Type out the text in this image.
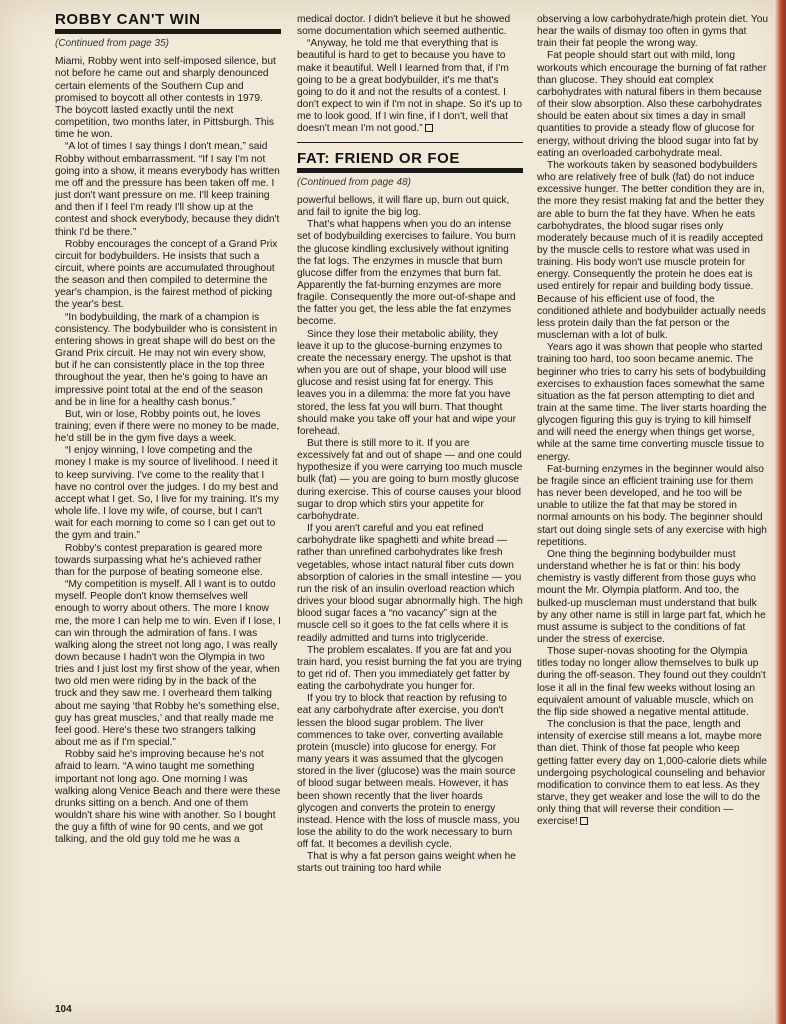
ROBBY CAN'T WIN
(Continued from page 35)

Miami, Robby went into self-imposed silence, but not before he came out and sharply denounced certain elements of the Southern Cup and promised to boycott all other contests in 1979. The boycott lasted exactly until the next competition, two months later, in Pittsburgh. This time he won.

“A lot of times I say things I don't mean,” said Robby without embarrassment. “If I say I'm not going into a show, it means everybody has written me off and the pressure has been taken off me. I just don't want pressure on me. I'll keep training and then if I feel I'm ready I'll show up at the contest and shock everybody, because they didn't think I'd be there.”

Robby encourages the concept of a Grand Prix circuit for bodybuilders. He insists that such a circuit, where points are accumulated throughout the season and then compiled to determine the year's champion, is the fairest method of picking the year's best.

“In bodybuilding, the mark of a champion is consistency. The bodybuilder who is consistent in entering shows in great shape will do best on the Grand Prix circuit. He may not win every show, but if he can consistently place in the top three throughout the year, then he's going to have an impressive point total at the end of the season and be in line for a healthy cash bonus.”

But, win or lose, Robby points out, he loves training; even if there were no money to be made, he'd still be in the gym five days a week.

“I enjoy winning, I love competing and the money I make is my source of livelihood. I need it to keep surviving. I've come to the reality that I have no control over the judges. I do my best and accept what I get. So, I live for my training. It's my whole life. I love my wife, of course, but I can't wait for each morning to come so I can get out to the gym and train.”

Robby's contest preparation is geared more towards surpassing what he's achieved rather than for the purpose of beating someone else.

“My competition is myself. All I want is to outdo myself. People don't know themselves well enough to worry about others. The more I know me, the more I can help me to win. Even if I lose, I can win through the admiration of fans. I was walking along the street not long ago, I was really down because I hadn't won the Olympia in two tries and I just lost my first show of the year, when two old men were riding by in the back of the truck and they saw me. I overheard them talking about me saying ‘that Robby he's something else, guy has great muscles,’ and that really made me feel good. Here's these two strangers talking about me as if I'm special.”

Robby said he's improving because he's not afraid to learn. “A wino taught me something important not long ago. One morning I was walking along Venice Beach and there were these drunks sitting on a bench. And one of them wouldn't share his wine with another. So I bought the guy a fifth of wine for 90 cents, and we got talking, and the old guy told me he was a

medical doctor. I didn't believe it but he showed some documentation which seemed authentic.

“Anyway, he told me that everything that is beautiful is hard to get to because you have to make it beautiful. Well I learned from that, if I'm going to be a great bodybuilder, it's me that's going to do it and not the results of a contest. I don't expect to win if I'm not in shape. So it's up to me to look good. If I win fine, if I don't, well that doesn't mean I'm not good.”

FAT: FRIEND OR FOE
(Continued from page 48)

powerful bellows, it will flare up, burn out quick, and fail to ignite the big log.

That's what happens when you do an intense set of bodybuilding exercises to failure. You burn the glucose kindling exclusively without igniting the fat logs. The enzymes in muscle that burn glucose differ from the enzymes that burn fat. Apparently the fat-burning enzymes are more fragile. Consequently the more out-of-shape and the fatter you get, the less able the fat enzymes become.

Since they lose their metabolic ability, they leave it up to the glucose-burning enzymes to create the necessary energy. The upshot is that when you are out of shape, your blood will use glucose and resist using fat for energy. This leaves you in a dilemma: the more fat you have stored, the less fat you will burn. That thought should make you take off your hat and wipe your forehead.

But there is still more to it. If you are excessively fat and out of shape — and one could hypothesize if you were carrying too much muscle bulk (fat) — you are going to burn mostly glucose during exercise. This of course causes your blood sugar to drop which stirs your appetite for carbohydrate.

If you aren't careful and you eat refined carbohydrate like spaghetti and white bread — rather than unrefined carbohydrates like fresh vegetables, whose intact natural fiber cuts down absorption of calories in the small intestine — you run the risk of an insulin overload reaction which drives your blood sugar abnormally high. The high blood sugar faces a “no vacancy” sign at the muscle cell so it goes to the fat cells where it is readily admitted and turns into triglyceride.

The problem escalates. If you are fat and you train hard, you resist burning the fat you are trying to get rid of. Then you immediately get fatter by eating the carbohydrate you hunger for.

If you try to block that reaction by refusing to eat any carbohydrate after exercise, you don't lessen the blood sugar problem. The liver commences to take over, converting available protein (muscle) into glucose for energy. For many years it was assumed that the glycogen stored in the liver (glucose) was the main source of blood sugar between meals. However, it has been shown recently that the liver hoards glycogen and converts the protein to energy instead. Hence with the loss of muscle mass, you lose the ability to do the work necessary to burn off fat. It becomes a devilish cycle.

That is why a fat person gains weight when he starts out training too hard while

observing a low carbohydrate/high protein diet. You hear the wails of dismay too often in gyms that train their fat people the wrong way.

Fat people should start out with mild, long workouts which encourage the burning of fat rather than glucose. They should eat complex carbohydrates with natural fibers in them because of their slow absorption. Also these carbohydrates should be eaten about six times a day in small quantities to provide a steady flow of glucose for energy, without driving the blood sugar into fat by eating an overloaded carbohydrate meal.

The workouts taken by seasoned bodybuilders who are relatively free of bulk (fat) do not induce excessive hunger. The better condition they are in, the more they resist making fat and the better they are able to burn the fat they have. When he eats carbohydrates, the blood sugar rises only moderately because much of it is readily accepted by the muscle cells to restore what was used in training. His body won't use muscle protein for energy. Consequently the protein he does eat is used entirely for repair and building body tissue. Because of his efficient use of food, the conditioned athlete and bodybuilder actually needs less protein daily than the fat person or the muscleman with a lot of bulk.

Years ago it was shown that people who started training too hard, too soon became anemic. The beginner who tries to carry his sets of bodybuilding exercises to exhaustion faces somewhat the same situation as the fat person attempting to diet and train at the same time. The liver starts hoarding the glycogen figuring this guy is trying to kill himself and will need the energy when things get worse, while at the same time converting muscle tissue to energy.

Fat-burning enzymes in the beginner would also be fragile since an efficient training use for them has never been developed, and he too will be unable to utilize the fat that may be stored in normal amounts on his body. The beginner should start out doing single sets of any exercise with high repetitions.

One thing the beginning bodybuilder must understand whether he is fat or thin: his body chemistry is vastly different from those guys who mount the Mr. Olympia platform. And too, the bulked-up muscleman must understand that bulk by any other name is still in large part fat, which he must assume is subject to the conditions of fat under the stress of exercise.

Those super-novas shooting for the Olympia titles today no longer allow themselves to bulk up during the off-season. They found out they couldn't lose it all in the final few weeks without losing an equivalent amount of valuable muscle, which on the flip side showed a negative mental attitude.

The conclusion is that the pace, length and intensity of exercise still means a lot, maybe more than diet. Think of those fat people who keep getting fatter every day on 1,000-calorie diets while undergoing psychological counseling and behavior modification to convince them to eat less. As they starve, they get weaker and lose the will to do the only thing that will reverse their condition — exercise!

104
